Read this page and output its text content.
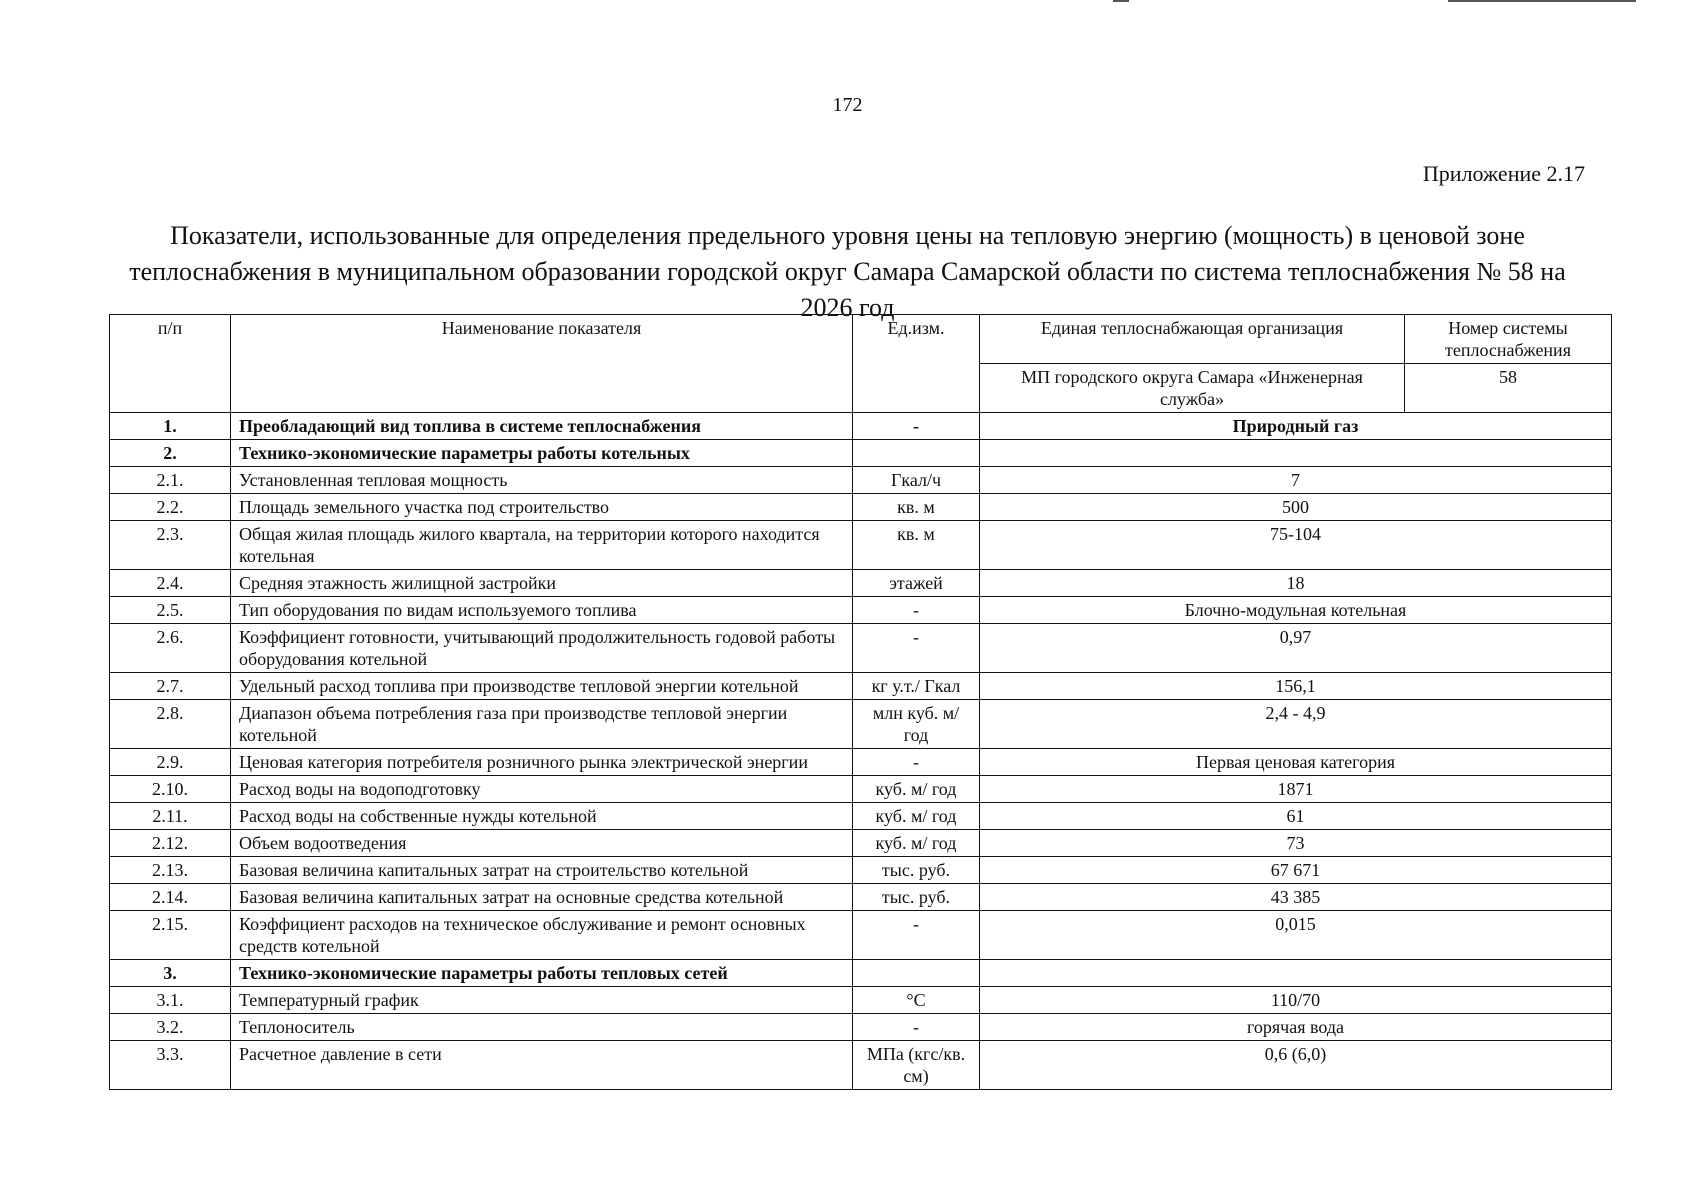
172
Приложение 2.17
Показатели, использованные для определения предельного уровня цены на тепловую энергию (мощность) в ценовой зоне теплоснабжения в муниципальном образовании городской округ Самара Самарской области по система теплоснабжения № 58 на 2026 год
п/п	Наименование показателя	Ед.изм.	Единая теплоснабжающая организация	Номер системы теплоснабжения
			МП городского округа Самара «Инженерная служба»	58
1.	Преобладающий вид топлива в системе теплоснабжения	-	Природный газ	
2.	Технико-экономические параметры работы котельных			
2.1.	Установленная тепловая мощность	Гкал/ч	7	
2.2.	Площадь земельного участка под строительство	кв. м	500	
2.3.	Общая жилая площадь жилого квартала, на территории которого находится котельная	кв. м	75-104	
2.4.	Средняя этажность жилищной застройки	этажей	18	
2.5.	Тип оборудования по видам используемого топлива	-	Блочно-модульная котельная	
2.6.	Коэффициент готовности, учитывающий продолжительность годовой работы оборудования котельной	-	0,97	
2.7.	Удельный расход топлива при производстве тепловой энергии котельной	кг у.т./ Гкал	156,1	
2.8.	Диапазон объема потребления газа при производстве тепловой энергии котельной	млн куб. м/год	2,4 - 4,9	
2.9.	Ценовая категория потребителя розничного рынка электрической энергии	-	Первая ценовая категория	
2.10.	Расход воды на водоподготовку	куб. м/ год	1871	
2.11.	Расход воды на собственные нужды котельной	куб. м/ год	61	
2.12.	Объем водоотведения	куб. м/ год	73	
2.13.	Базовая величина капитальных затрат на строительство котельной	тыс. руб.	67 671	
2.14.	Базовая величина капитальных затрат на основные средства котельной	тыс. руб.	43 385	
2.15.	Коэффициент расходов на техническое обслуживание и ремонт основных средств котельной	-	0,015	
3.	Технико-экономические параметры работы тепловых сетей			
3.1.	Температурный график	°С	110/70	
3.2.	Теплоноситель	-	горячая вода	
3.3.	Расчетное давление в сети	МПа (кгс/кв. см)	0,6 (6,0)	
